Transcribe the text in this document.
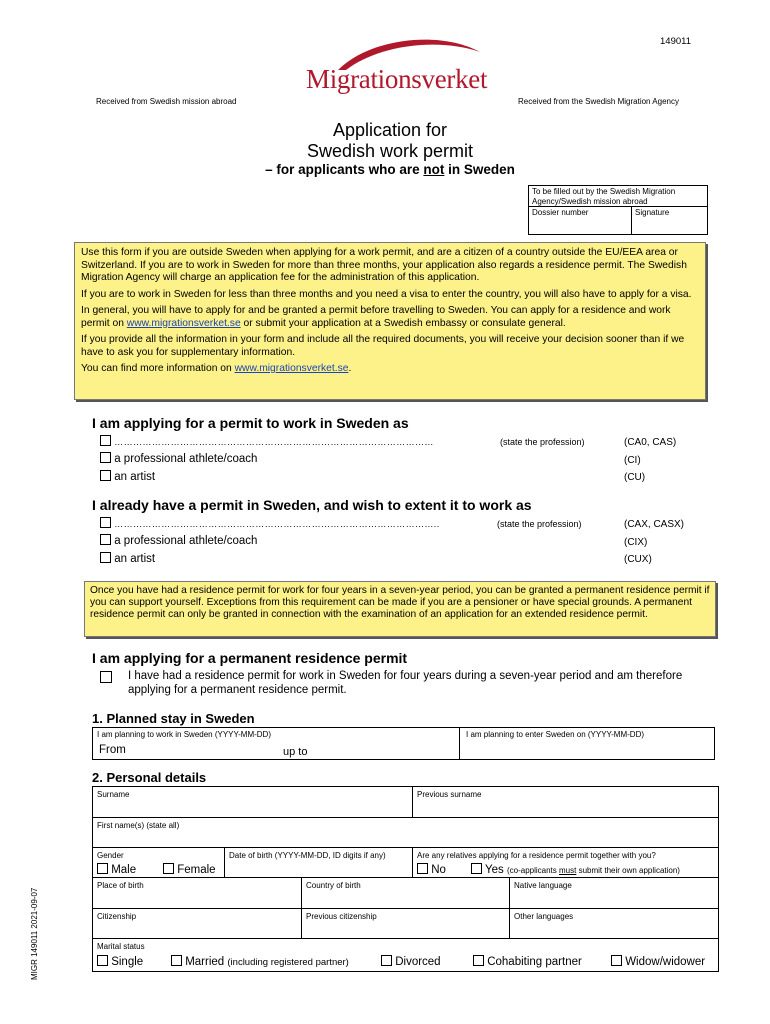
149011
Migrationsverket
Received from Swedish mission abroad	Received from the Swedish Migration Agency
Application for
Swedish work permit
– for applicants who are not in Sweden
To be filled out by the Swedish Migration Agency/Swedish mission abroad
Dossier number	Signature

Use this form if you are outside Sweden when applying for a work permit, and are a citizen of a country outside the EU/EEA area or Switzerland. If you are to work in Sweden for more than three months, your application also regards a residence permit. The Swedish Migration Agency will charge an application fee for the administration of this application.

If you are to work in Sweden for less than three months and you need a visa to enter the country, you will also have to apply for a visa.

In general, you will have to apply for and be granted a permit before travelling to Sweden. You can apply for a residence and work permit on www.migrationsverket.se or submit your application at a Swedish embassy or consulate general.

If you provide all the information in your form and include all the required documents, you will receive your decision sooner than if we have to ask you for supplementary information.

You can find more information on www.migrationsverket.se.

I am applying for a permit to work in Sweden as
…………………………………………………………………………………………	(state the profession)	(CA0, CAS)
a professional athlete/coach	(CI)
an artist	(CU)
I already have a permit in Sweden, and wish to extent it to work as
…………………………………………………………………………………………..	(state the profession)	(CAX, CASX)
a professional athlete/coach	(CIX)
an artist	(CUX)

Once you have had a residence permit for work for four years in a seven-year period, you can be granted a permanent residence permit if you can support yourself. Exceptions from this requirement can be made if you are a pensioner or have special grounds. A permanent residence permit can only be granted in connection with the examination of an application for an extended residence permit.

I am applying for a permanent residence permit
I have had a residence permit for work in Sweden for four years during a seven-year period and am therefore applying for a permanent residence permit.
1. Planned stay in Sweden
I am planning to work in Sweden (YYYY-MM-DD)
From	up to
I am planning to enter Sweden on (YYYY-MM-DD)
2. Personal details
Surname	Previous surname
First name(s) (state all)
Gender
Male	Female
Date of birth (YYYY-MM-DD, ID digits if any)	Are any relatives applying for a residence permit together with you?
No	Yes (co-applicants must submit their own application)
Place of birth	Country of birth	Native language
Citizenship	Previous citizenship	Other languages
Marital status
Single	Married (including registered partner)	Divorced	Cohabiting partner	Widow/widower
MIGR 149011 2021-09-07
